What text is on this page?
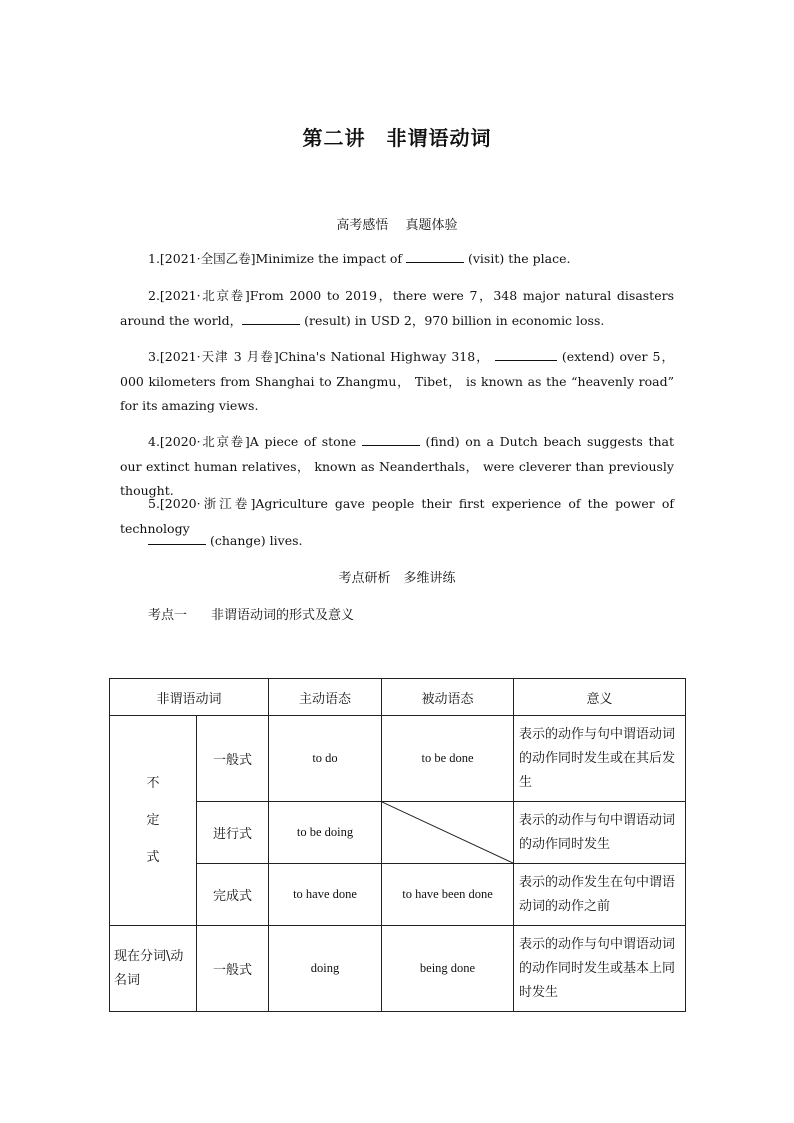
第二讲　非谓语动词
高考感悟　 真题体验
1.[2021·全国乙卷]Minimize the impact of	(visit) the place.
2.[2021·北京卷]From 2000 to 2019，there were 7，348 major natural disasters around the world，	(result) in USD 2，970 billion in economic loss.
3.[2021·天津 3 月卷]China's National Highway 318，	(extend) over 5，000 kilometers from Shanghai to Zhangmu， Tibet， is known as the “heavenly road” for its amazing views.
4.[2020·北京卷]A piece of stone	(find) on a Dutch beach suggests that our extinct human relatives， known as Neanderthals， were cleverer than previously thought.
5.[2020·浙江卷]Agriculture gave people their first experience of the power of technology
(change) lives.
考点研析　多维讲练
考点一 非谓语动词的形式及意义
非谓语动词		主动语态	被动语态	意义

不
定
式	一般式	to do	to be done	表示的动作与句中谓语动词的动作同时发生或在其后发生
	进行式	to be doing		表示的动作与句中谓语动词的动作同时发生
	完成式	to have done	to have been done	表示的动作发生在句中谓语动词的动作之前
现在分词\动名词	一般式	doing	being done	表示的动作与句中谓语动词的动作同时发生或基本上同时发生
